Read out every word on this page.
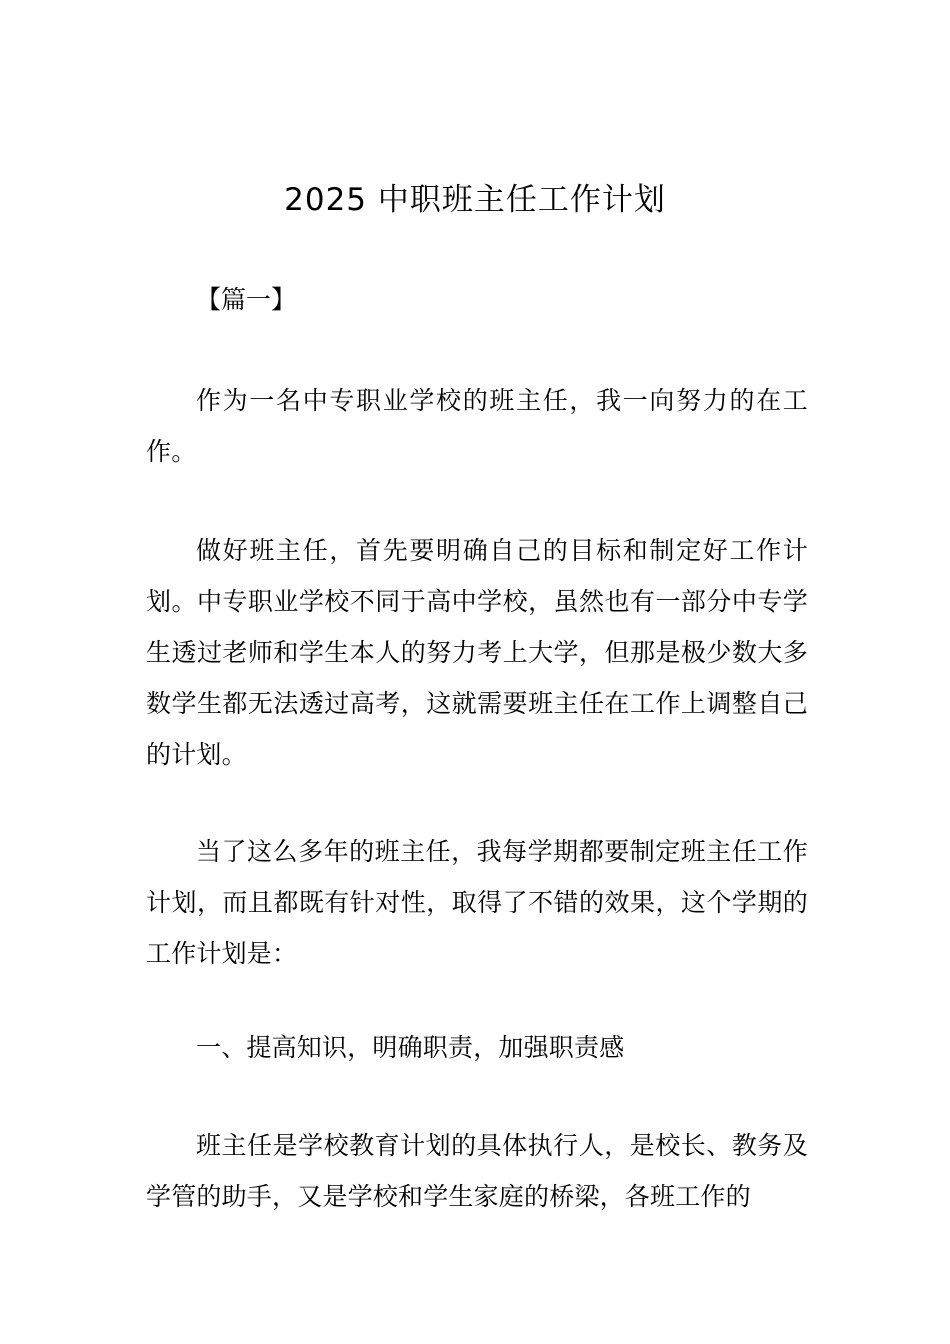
2025 中职班主任工作计划

【篇一】

作为一名中专职业学校的班主任，我一向努力的在工作。

做好班主任，首先要明确自己的目标和制定好工作计划。中专职业学校不同于高中学校，虽然也有一部分中专学生透过老师和学生本人的努力考上大学，但那是极少数大多数学生都无法透过高考，这就需要班主任在工作上调整自己的计划。

当了这么多年的班主任，我每学期都要制定班主任工作计划，而且都既有针对性，取得了不错的效果，这个学期的工作计划是：

一、提高知识，明确职责，加强职责感

班主任是学校教育计划的具体执行人，是校长、教务及学管的助手，又是学校和学生家庭的桥梁，各班工作的
